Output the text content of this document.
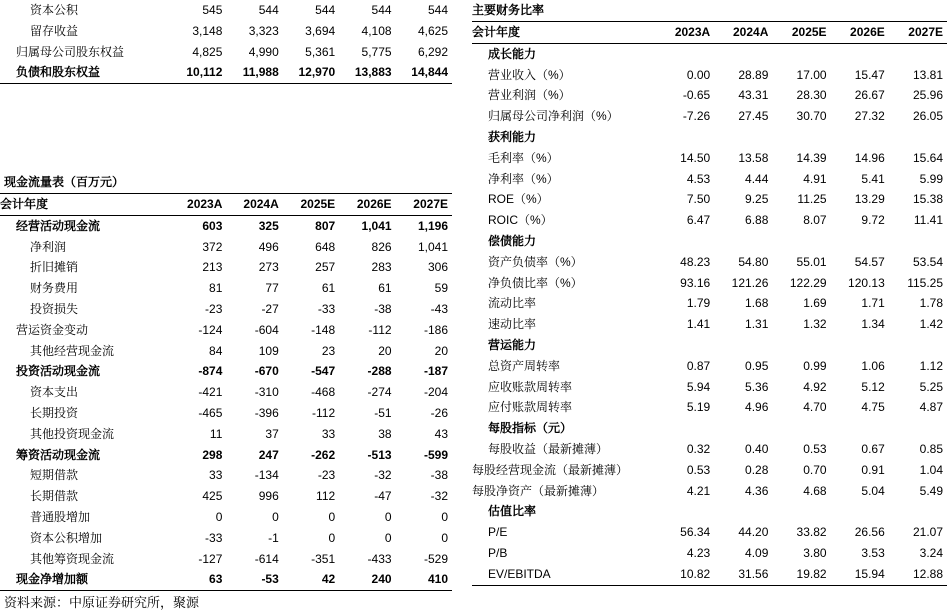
资本公积	545	544	544	544	544
留存收益	3,148	3,323	3,694	4,108	4,625
归属母公司股东权益	4,825	4,990	5,361	5,775	6,292
负债和股东权益	10,112	11,988	12,970	13,883	14,844
现金流量表（百万元）
会计年度	2023A	2024A	2025E	2026E	2027E
经营活动现金流	603	325	807	1,041	1,196
净利润	372	496	648	826	1,041
折旧摊销	213	273	257	283	306
财务费用	81	77	61	61	59
投资损失	-23	-27	-33	-38	-43
营运资金变动	-124	-604	-148	-112	-186
其他经营现金流	84	109	23	20	20
投资活动现金流	-874	-670	-547	-288	-187
资本支出	-421	-310	-468	-274	-204
长期投资	-465	-396	-112	-51	-26
其他投资现金流	11	37	33	38	43
筹资活动现金流	298	247	-262	-513	-599
短期借款	33	-134	-23	-32	-38
长期借款	425	996	112	-47	-32
普通股增加	0	0	0	0	0
资本公积增加	-33	-1	0	0	0
其他筹资现金流	-127	-614	-351	-433	-529
现金净增加额	63	-53	42	240	410
主要财务比率
会计年度	2023A	2024A	2025E	2026E	2027E
成长能力					
营业收入（%）	0.00	28.89	17.00	15.47	13.81
营业利润（%）	-0.65	43.31	28.30	26.67	25.96
归属母公司净利润（%）	-7.26	27.45	30.70	27.32	26.05
获利能力					
毛利率（%）	14.50	13.58	14.39	14.96	15.64
净利率（%）	4.53	4.44	4.91	5.41	5.99
ROE（%）	7.50	9.25	11.25	13.29	15.38
ROIC（%）	6.47	6.88	8.07	9.72	11.41
偿债能力					
资产负债率（%）	48.23	54.80	55.01	54.57	53.54
净负债比率（%）	93.16	121.26	122.29	120.13	115.25
流动比率	1.79	1.68	1.69	1.71	1.78
速动比率	1.41	1.31	1.32	1.34	1.42
营运能力					
总资产周转率	0.87	0.95	0.99	1.06	1.12
应收账款周转率	5.94	5.36	4.92	5.12	5.25
应付账款周转率	5.19	4.96	4.70	4.75	4.87
每股指标（元）					
每股收益（最新摊薄）	0.32	0.40	0.53	0.67	0.85
每股经营现金流（最新摊薄）	0.53	0.28	0.70	0.91	1.04
每股净资产（最新摊薄）	4.21	4.36	4.68	5.04	5.49
估值比率					
P/E	56.34	44.20	33.82	26.56	21.07
P/B	4.23	4.09	3.80	3.53	3.24
EV/EBITDA	10.82	31.56	19.82	15.94	12.88
资料来源：中原证券研究所，聚源
